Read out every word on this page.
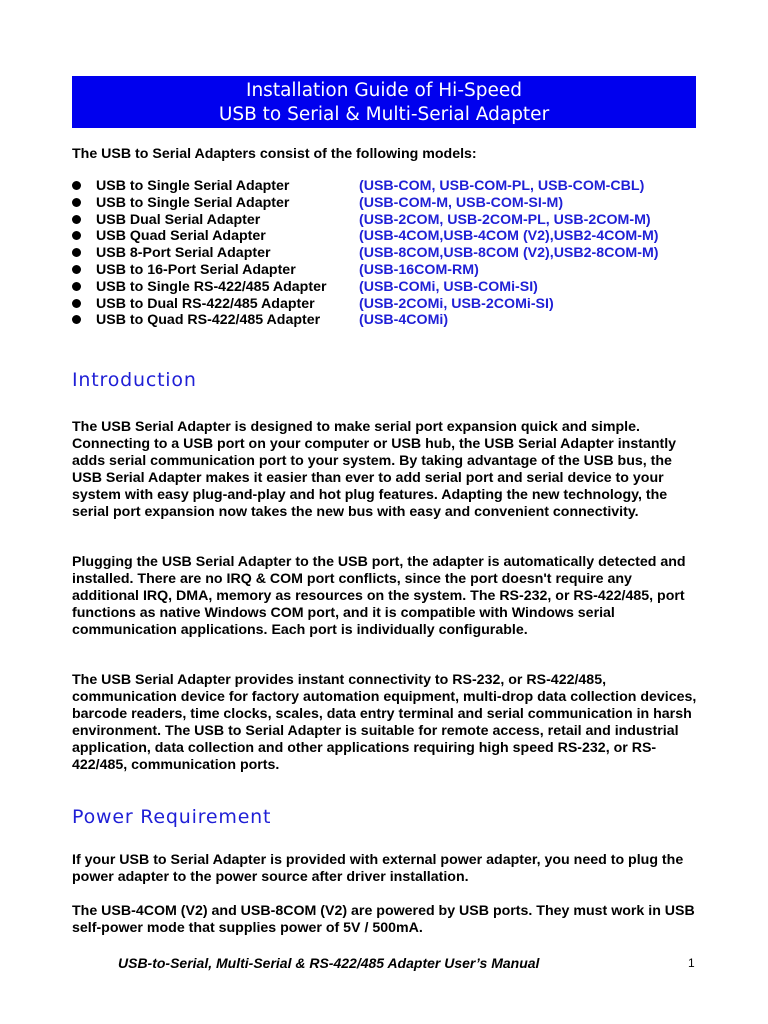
Installation Guide of Hi-Speed
USB to Serial & Multi-Serial Adapter
The USB to Serial Adapters consist of the following models:
USB to Single Serial Adapter	(USB-COM, USB-COM-PL, USB-COM-CBL)
USB to Single Serial Adapter	(USB-COM-M, USB-COM-SI-M)
USB Dual Serial Adapter	(USB-2COM, USB-2COM-PL, USB-2COM-M)
USB Quad Serial Adapter	(USB-4COM,USB-4COM (V2),USB2-4COM-M)
USB 8-Port Serial Adapter	(USB-8COM,USB-8COM (V2),USB2-8COM-M)
USB to 16-Port Serial Adapter	(USB-16COM-RM)
USB to Single RS-422/485 Adapter (USB-COMi, USB-COMi-SI)
USB to Dual RS-422/485 Adapter	(USB-2COMi, USB-2COMi-SI)
USB to Quad RS-422/485 Adapter	(USB-4COMi)
Introduction

The USB Serial Adapter is designed to make serial port expansion quick and simple. Connecting to a USB port on your computer or USB hub, the USB Serial Adapter instantly adds serial communication port to your system. By taking advantage of the USB bus, the USB Serial Adapter makes it easier than ever to add serial port and serial device to your system with easy plug-and-play and hot plug features. Adapting the new technology, the serial port expansion now takes the new bus with easy and convenient connectivity.

Plugging the USB Serial Adapter to the USB port, the adapter is automatically detected and installed. There are no IRQ & COM port conflicts, since the port doesn't require any additional IRQ, DMA, memory as resources on the system. The RS-232, or RS-422/485, port functions as native Windows COM port, and it is compatible with Windows serial communication applications. Each port is individually configurable.

The USB Serial Adapter provides instant connectivity to RS-232, or RS-422/485, communication device for factory automation equipment, multi-drop data collection devices, barcode readers, time clocks, scales, data entry terminal and serial communication in harsh environment. The USB to Serial Adapter is suitable for remote access, retail and industrial application, data collection and other applications requiring high speed RS-232, or RS-422/485, communication ports.

Power Requirement

If your USB to Serial Adapter is provided with external power adapter, you need to plug the power adapter to the power source after driver installation.

The USB-4COM (V2) and USB-8COM (V2) are powered by USB ports. They must work in USB self-power mode that supplies power of 5V / 500mA.

USB-to-Serial, Multi-Serial & RS-422/485 Adapter User’s Manual	1
